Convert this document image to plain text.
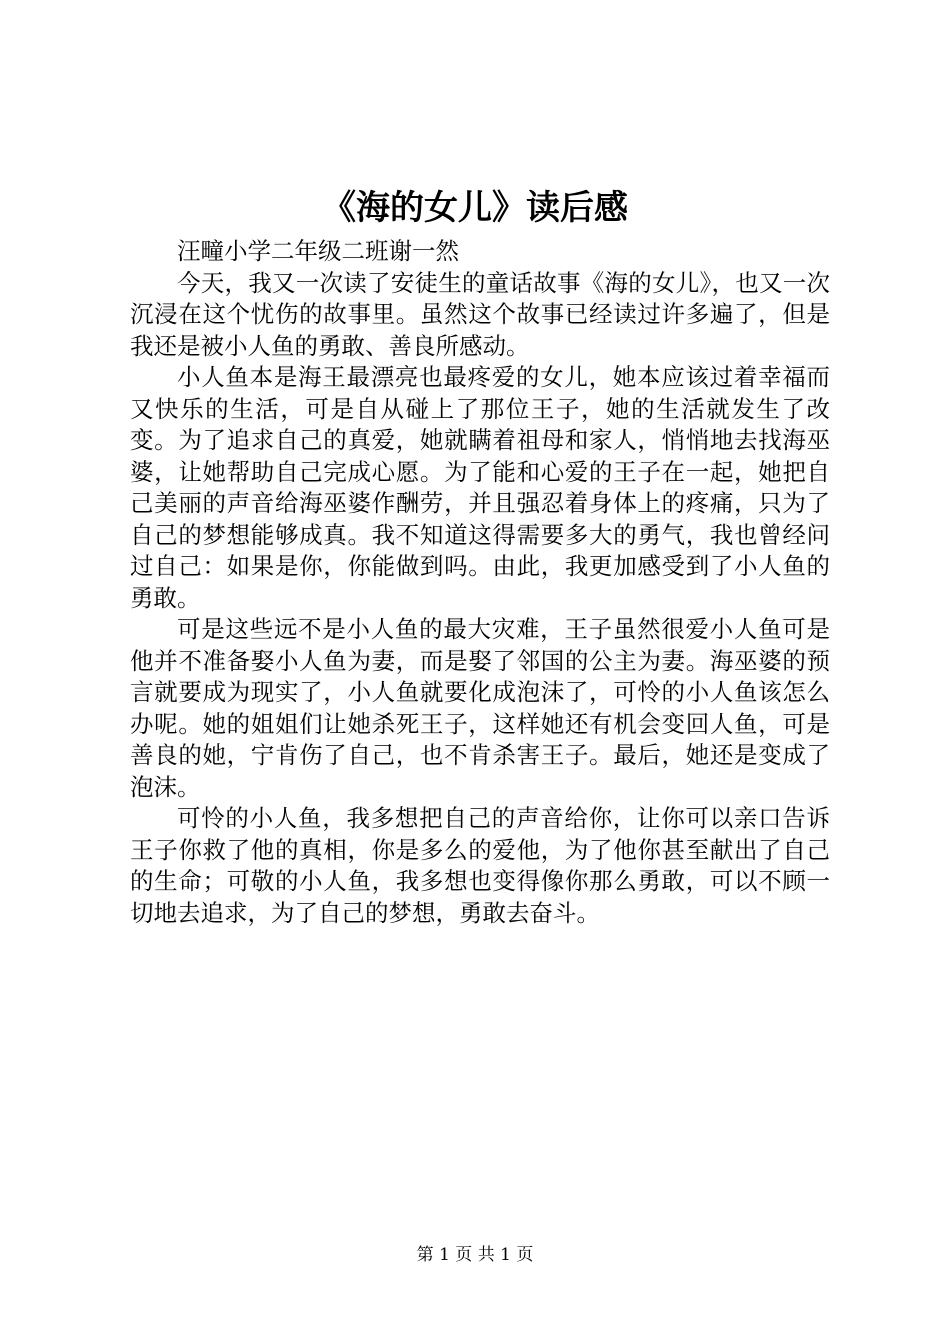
《海的女儿》读后感

汪疃小学二年级二班谢一然

今天，我又一次读了安徒生的童话故事《海的女儿》，也又一次沉浸在这个忧伤的故事里。虽然这个故事已经读过许多遍了，但是我还是被小人鱼的勇敢、善良所感动。

小人鱼本是海王最漂亮也最疼爱的女儿，她本应该过着幸福而又快乐的生活，可是自从碰上了那位王子，她的生活就发生了改变。为了追求自己的真爱，她就瞒着祖母和家人，悄悄地去找海巫婆，让她帮助自己完成心愿。为了能和心爱的王子在一起，她把自己美丽的声音给海巫婆作酬劳，并且强忍着身体上的疼痛，只为了自己的梦想能够成真。我不知道这得需要多大的勇气，我也曾经问过自己：如果是你，你能做到吗。由此，我更加感受到了小人鱼的勇敢。

可是这些远不是小人鱼的最大灾难，王子虽然很爱小人鱼可是他并不准备娶小人鱼为妻，而是娶了邻国的公主为妻。海巫婆的预言就要成为现实了，小人鱼就要化成泡沫了，可怜的小人鱼该怎么办呢。她的姐姐们让她杀死王子，这样她还有机会变回人鱼，可是善良的她，宁肯伤了自己，也不肯杀害王子。最后，她还是变成了泡沫。

可怜的小人鱼，我多想把自己的声音给你，让你可以亲口告诉王子你救了他的真相，你是多么的爱他，为了他你甚至献出了自己的生命；可敬的小人鱼，我多想也变得像你那么勇敢，可以不顾一切地去追求，为了自己的梦想，勇敢去奋斗。

第 1 页 共 1 页
